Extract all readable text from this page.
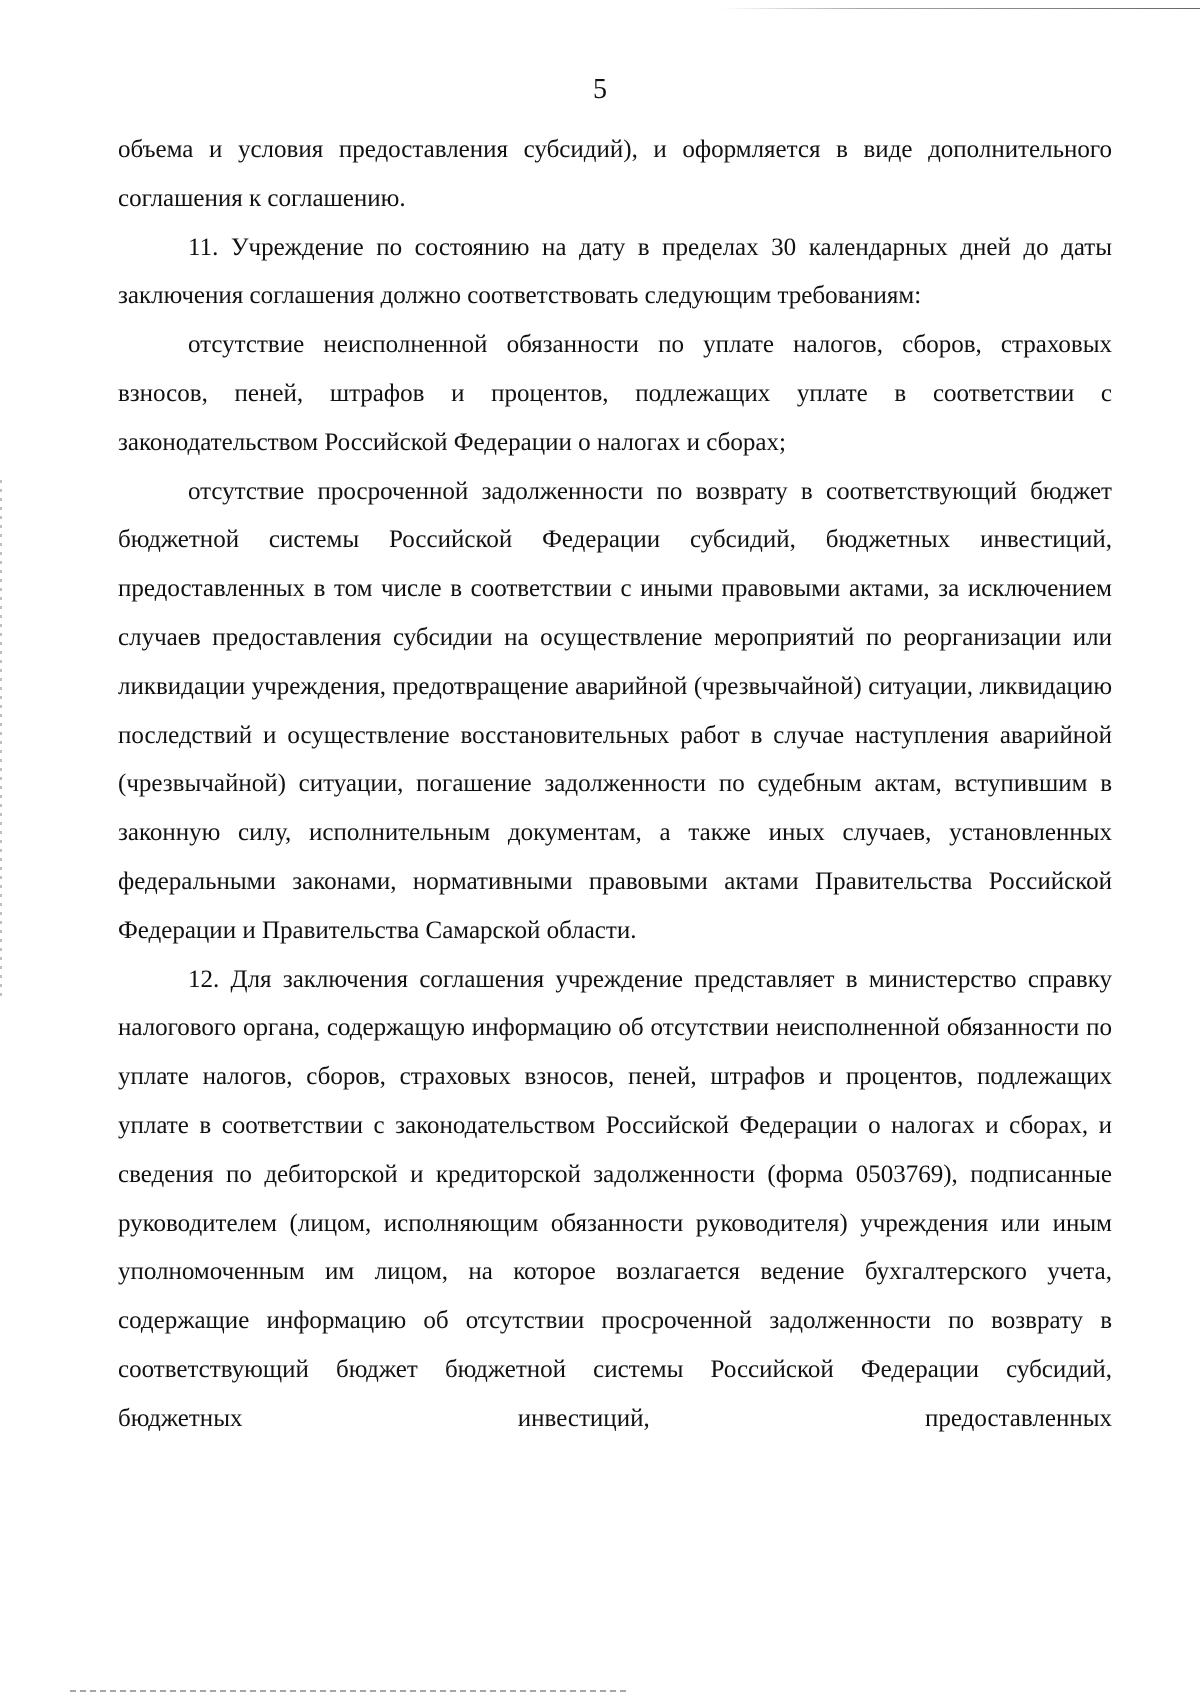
5

объема и условия предоставления субсидий), и оформляется в виде дополнительного соглашения к соглашению.

11. Учреждение по состоянию на дату в пределах 30 календарных дней до даты заключения соглашения должно соответствовать следующим требованиям:

отсутствие неисполненной обязанности по уплате налогов, сборов, страховых взносов, пеней, штрафов и процентов, подлежащих уплате в соответствии с законодательством Российской Федерации о налогах и сборах;

отсутствие просроченной задолженности по возврату в соответствующий бюджет бюджетной системы Российской Федерации субсидий, бюджетных инвестиций, предоставленных в том числе в соответствии с иными правовыми актами, за исключением случаев предоставления субсидии на осуществление мероприятий по реорганизации или ликвидации учреждения, предотвращение аварийной (чрезвычайной) ситуации, ликвидацию последствий и осуществление восстановительных работ в случае наступления аварийной (чрезвычайной) ситуации, погашение задолженности по судебным актам, вступившим в законную силу, исполнительным документам, а также иных случаев, установленных федеральными законами, нормативными правовыми актами Правительства Российской Федерации и Правительства Самарской области.

12. Для заключения соглашения учреждение представляет в министерство справку налогового органа, содержащую информацию об отсутствии неисполненной обязанности по уплате налогов, сборов, страховых взносов, пеней, штрафов и процентов, подлежащих уплате в соответствии с законодательством Российской Федерации о налогах и сборах, и сведения по дебиторской и кредиторской задолженности (форма 0503769), подписанные руководителем (лицом, исполняющим обязанности руководителя) учреждения или иным уполномоченным им лицом, на которое возлагается ведение бухгалтерского учета, содержащие информацию об отсутствии просроченной задолженности по возврату в соответствующий бюджет бюджетной системы Российской Федерации субсидий, бюджетных инвестиций, предоставленных
